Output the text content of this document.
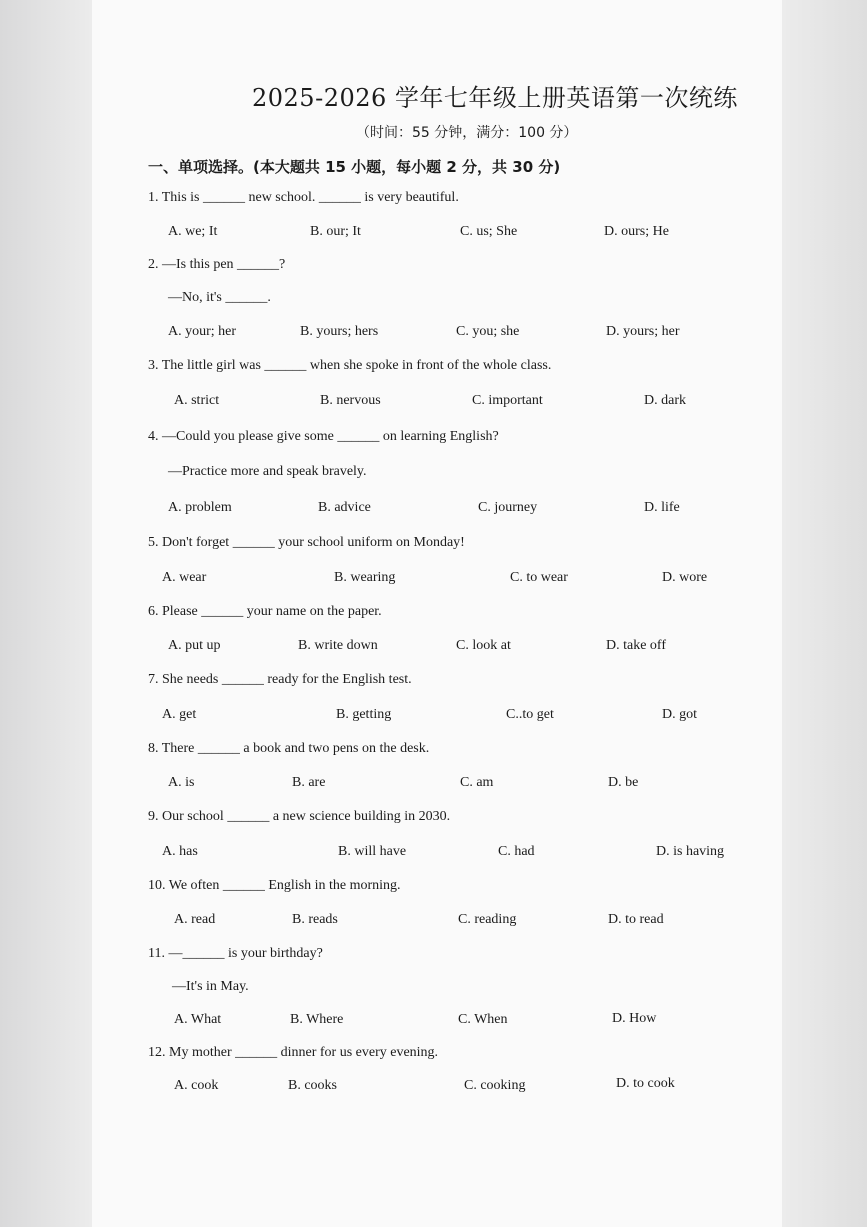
2025-2026 学年七年级上册英语第一次统练
（时间：55 分钟，满分：100 分）
一、单项选择。(本大题共 15 小题，每小题 2 分，共 30 分)
1. This is ______ new school. ______ is very beautiful.
A. we; It	B. our; It	C. us; She	D. ours; He
2. —Is this pen ______?
—No, it's ______.
A. your; her	B. yours; hers	C. you; she	D. yours; her
3. The little girl was ______ when she spoke in front of the whole class.
A. strict	B. nervous	C. important	D. dark
4. —Could you please give some ______ on learning English?
—Practice more and speak bravely.
A. problem	B. advice	C. journey	D. life
5. Don't forget ______ your school uniform on Monday!
A. wear	B. wearing	C. to wear	D. wore
6. Please ______ your name on the paper.
A. put up	B. write down	C. look at	D. take off
7. She needs ______ ready for the English test.
A. get	B. getting	C..to get	D. got
8. There ______ a book and two pens on the desk.
A. is	B. are	C. am	D. be
9. Our school ______ a new science building in 2030.
A. has	B. will have	C. had	D. is having
10. We often ______ English in the morning.
A. read	B. reads	C. reading	D. to read
11. —______ is your birthday?
—It's in May.
A. What	B. Where	C. When	D. How
12. My mother ______ dinner for us every evening.
A. cook	B. cooks	C. cooking	D. to cook
